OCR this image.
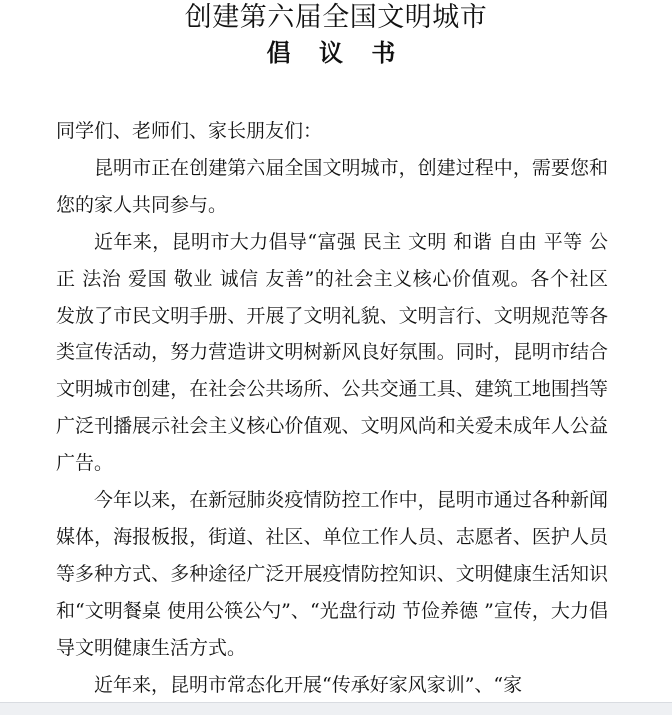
创建第六届全国文明城市
倡 议 书

同学们、老师们、家长朋友们：

昆明市正在创建第六届全国文明城市，创建过程中，需要您和您的家人共同参与。

近年来，昆明市大力倡导“富强 民主 文明 和谐 自由 平等 公正 法治 爱国 敬业 诚信 友善”的社会主义核心价值观。各个社区发放了市民文明手册、开展了文明礼貌、文明言行、文明规范等各类宣传活动，努力营造讲文明树新风良好氛围。同时，昆明市结合文明城市创建，在社会公共场所、公共交通工具、建筑工地围挡等广泛刊播展示社会主义核心价值观、文明风尚和关爱未成年人公益广告。

今年以来，在新冠肺炎疫情防控工作中，昆明市通过各种新闻媒体，海报板报，街道、社区、单位工作人员、志愿者、医护人员等多种方式、多种途径广泛开展疫情防控知识、文明健康生活知识和“文明餐桌 使用公筷公勺”、“光盘行动 节俭养德 ”宣传，大力倡导文明健康生活方式。

近年来，昆明市常态化开展“传承好家风家训”、“家
